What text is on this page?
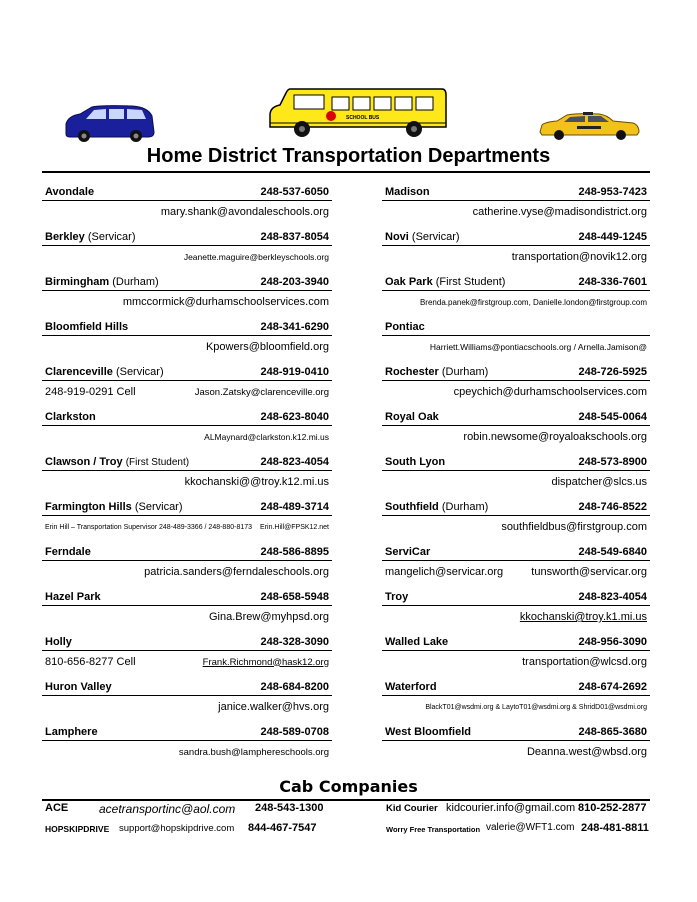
SCHOOL BUS
Home District Transportation Departments
Avondale	248-537-6050
mary.shank@avondaleschools.org
Berkley (Servicar)	248-837-8054
Jeanette.maguire@berkleyschools.org
Birmingham (Durham)	248-203-3940
mmccormick@durhamschoolservices.com
Bloomfield Hills	248-341-6290
Kpowers@bloomfield.org
Clarenceville (Servicar)	248-919-0410
248-919-0291 Cell	Jason.Zatsky@clarenceville.org
Clarkston	248-623-8040
ALMaynard@clarkston.k12.mi.us
Clawson / Troy (First Student)	248-823-4054
kkochanski@@troy.k12.mi.us
Farmington Hills (Servicar)	248-489-3714
Erin Hill – Transportation Supervisor 248-489-3366 / 248-880-8173 Erin.Hill@FPSK12.net
Ferndale	248-586-8895
patricia.sanders@ferndaleschools.org
Hazel Park	248-658-5948
Gina.Brew@myhpsd.org
Holly	248-328-3090
810-656-8277 Cell	Frank.Richmond@hask12.org
Huron Valley	248-684-8200
janice.walker@hvs.org
Lamphere	248-589-0708
sandra.bush@lamphereschools.org
Madison	248-953-7423
catherine.vyse@madisondistrict.org
Novi (Servicar)	248-449-1245
transportation@novik12.org
Oak Park (First Student)	248-336-7601
Brenda.panek@firstgroup.com, Danielle.london@firstgroup.com
Pontiac
Harriett.Williams@pontiacschools.org / Arnella.Jamison@
Rochester (Durham)	248-726-5925
cpeychich@durhamschoolservices.com
Royal Oak	248-545-0064
robin.newsome@royaloakschools.org
South Lyon	248-573-8900
dispatcher@slcs.us
Southfield (Durham)	248-746-8522
southfieldbus@firstgroup.com
ServiCar	248-549-6840
mangelich@servicar.org	tunsworth@servicar.org
Troy	248-823-4054
kkochanski@troy.k1.mi.us
Walled Lake	248-956-3090
transportation@wlcsd.org
Waterford	248-674-2692
BlackT01@wsdmi.org & LaytoT01@wsdmi.org & ShridD01@wsdmi.org
West Bloomfield	248-865-3680
Deanna.west@wbsd.org
Cab Companies
ACE	acetransportinc@aol.com 248-543-1300	Kid Courier kidcourier.info@gmail.com 810-252-2877
HOPSKIPDRIVE support@hopskipdrive.com 844-467-7547	Worry Free Transportation valerie@WFT1.com 248-481-8811
